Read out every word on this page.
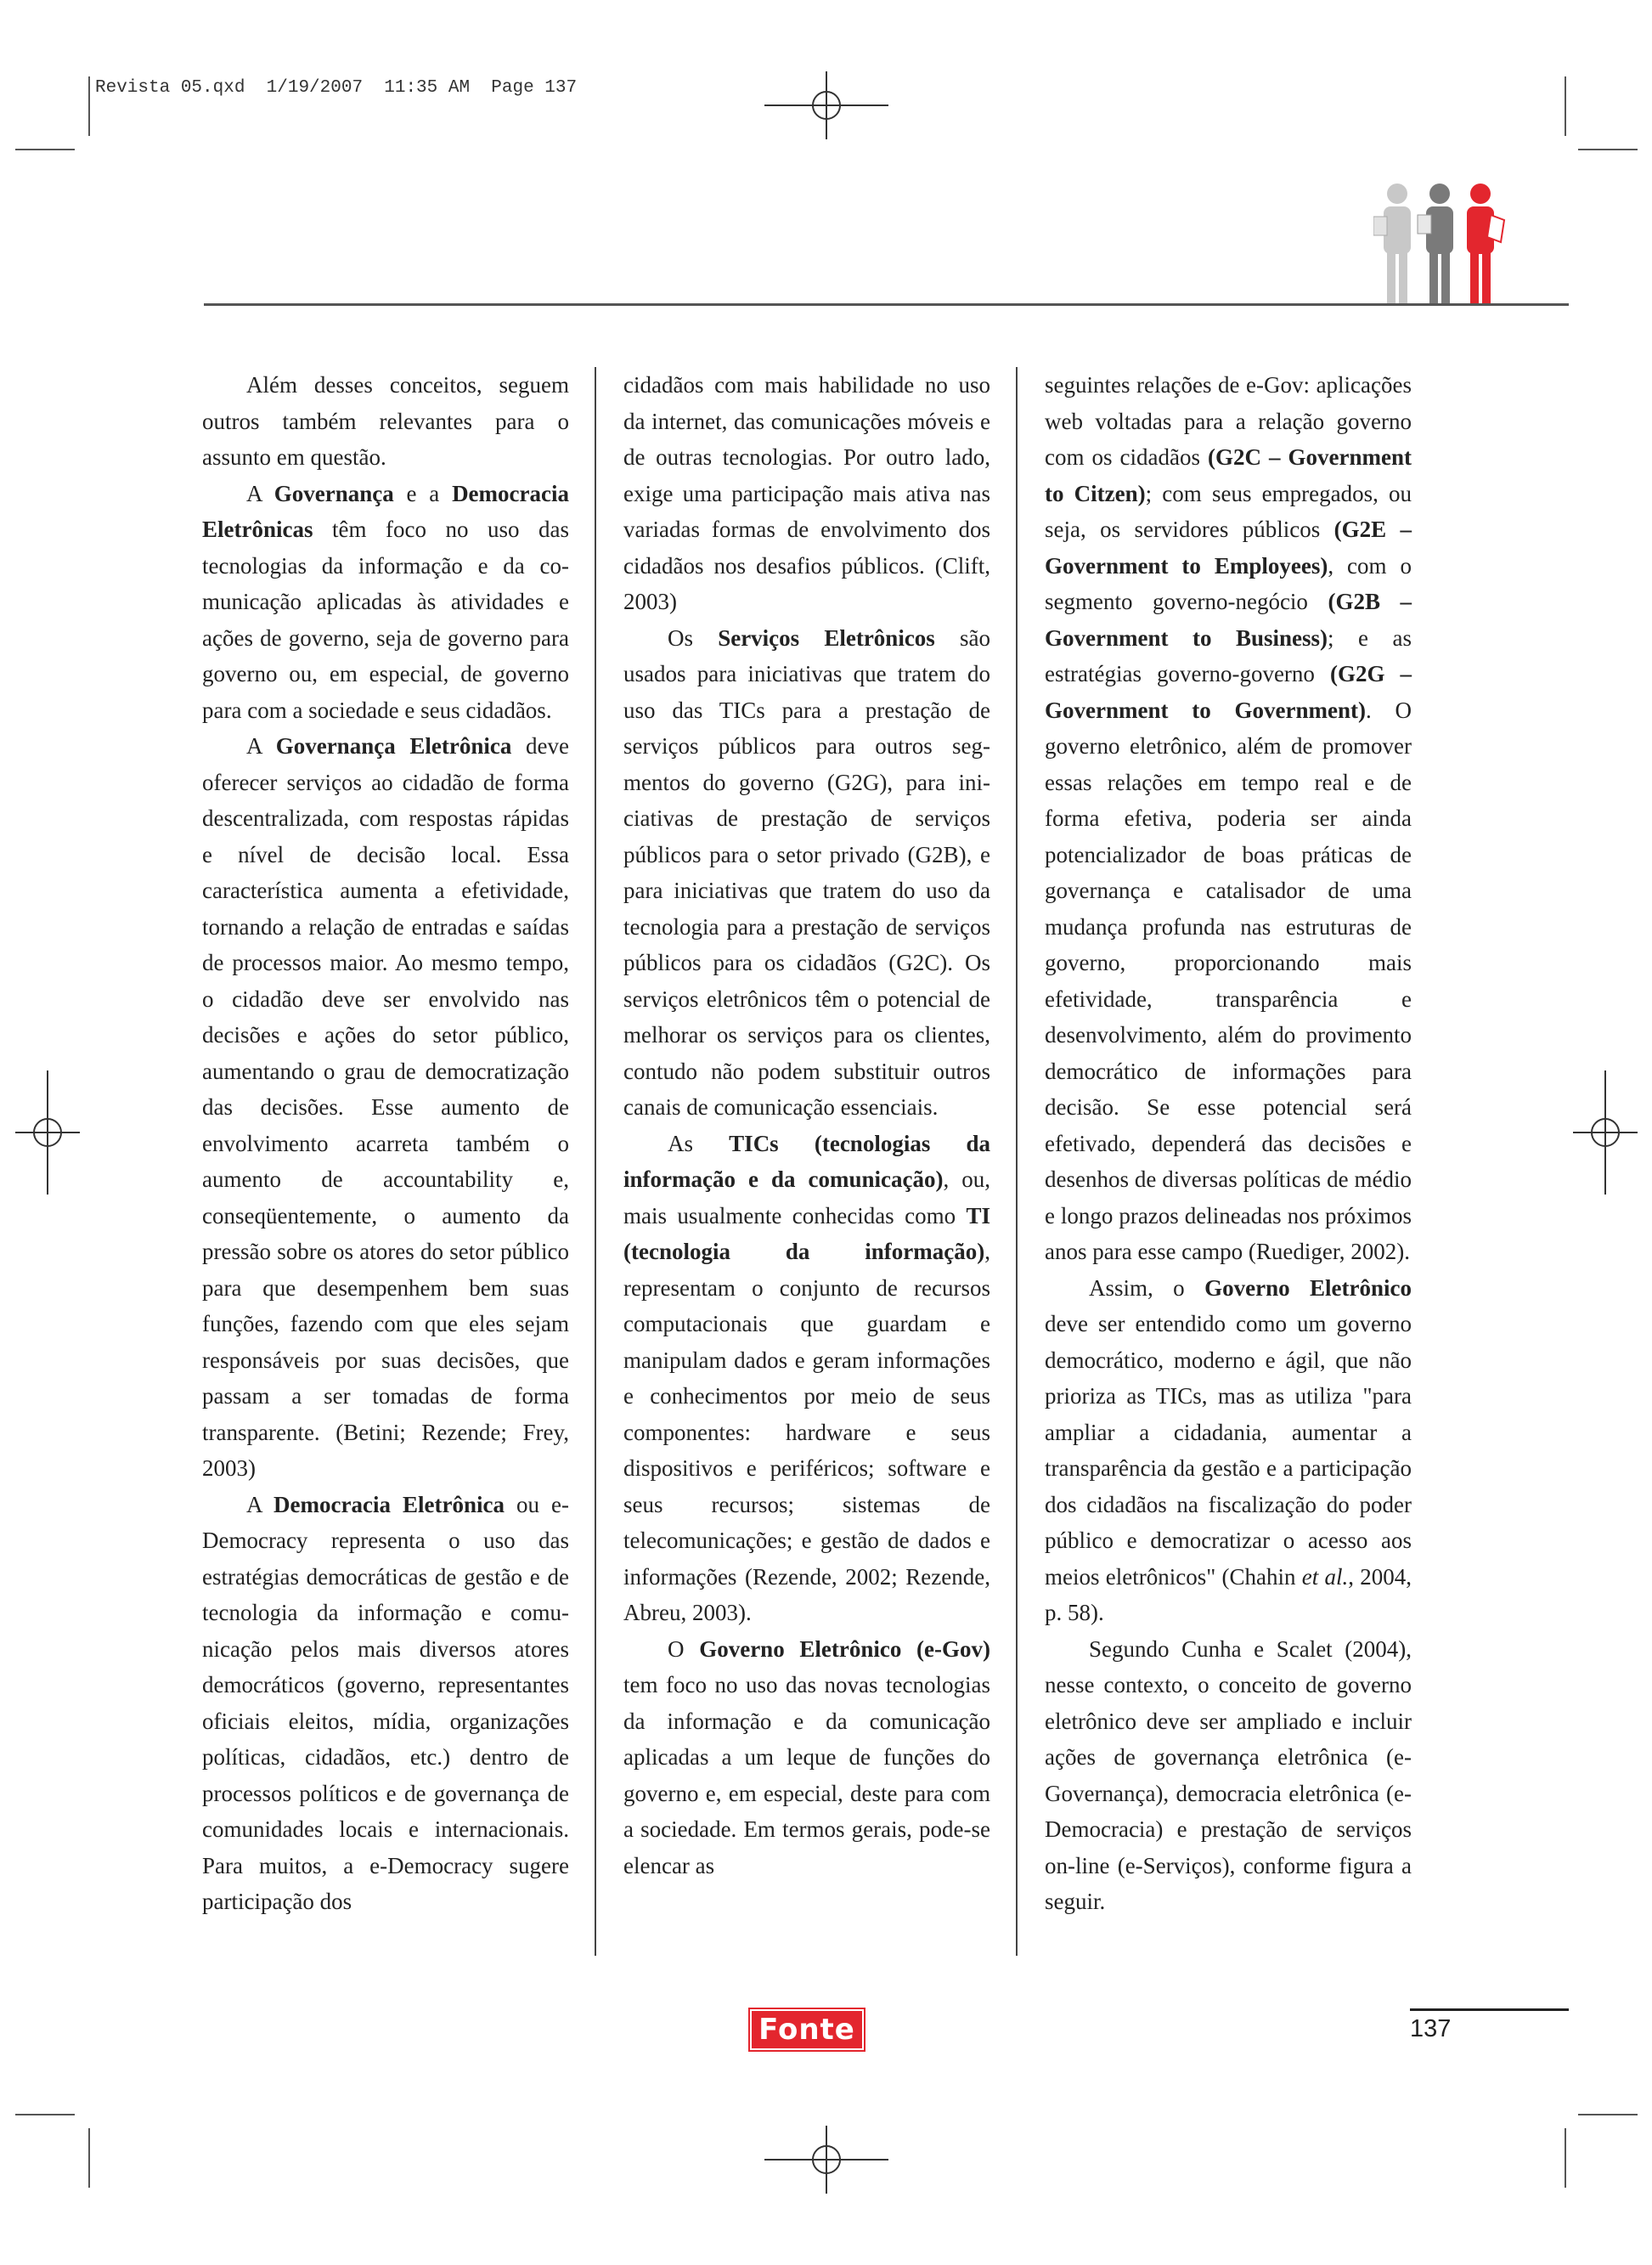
Revista 05.qxd  1/19/2007  11:35 AM  Page 137

Além desses conceitos, seguem outros também relevantes para o assunto em questão.

A Governança e a Democracia Eletrônicas têm foco no uso das tecnologias da informação e da comunicação aplicadas às atividades e ações de governo, seja de governo para governo ou, em especial, de governo para com a sociedade e seus cidadãos.

A Governança Eletrônica deve oferecer serviços ao cidadão de forma descentralizada, com respostas rápidas e nível de decisão local. Essa característica aumenta a efetividade, tornando a relação de entradas e saídas de processos maior. Ao mesmo tempo, o cidadão deve ser envolvido nas decisões e ações do setor público, aumentando o grau de democratização das decisões. Esse aumento de envolvimento acarreta também o aumento de accountability e, conseqüentemente, o aumento da pressão sobre os atores do setor público para que desempenhem bem suas funções, fazendo com que eles sejam responsáveis por suas decisões, que passam a ser tomadas de forma transparente. (Betini; Rezende; Frey, 2003)

A Democracia Eletrônica ou e-Democracy representa o uso das estratégias democráticas de gestão e de tecnologia da informação e comunicação pelos mais diversos atores democráticos (governo, representantes oficiais eleitos, mídia, organizações políticas, cidadãos, etc.) dentro de processos políticos e de governança de comunidades locais e internacionais. Para muitos, a e-Democracy sugere participação dos

cidadãos com mais habilidade no uso da internet, das comunicações móveis e de outras tecnologias. Por outro lado, exige uma participação mais ativa nas variadas formas de envolvimento dos cidadãos nos desafios públicos. (Clift, 2003)

Os Serviços Eletrônicos são usados para iniciativas que tratem do uso das TICs para a prestação de serviços públicos para outros segmentos do governo (G2G), para iniciativas de prestação de serviços públicos para o setor privado (G2B), e para iniciativas que tratem do uso da tecnologia para a prestação de serviços públicos para os cidadãos (G2C). Os serviços eletrônicos têm o potencial de melhorar os serviços para os clientes, contudo não podem substituir outros canais de comunicação essenciais.

As TICs (tecnologias da informação e da comunicação), ou, mais usualmente conhecidas como TI (tecnologia da informação), representam o conjunto de recursos computacionais que guardam e manipulam dados e geram informações e conhecimentos por meio de seus componentes: hardware e seus dispositivos e periféricos; software e seus recursos; sistemas de telecomunicações; e gestão de dados e informações (Rezende, 2002; Rezende, Abreu, 2003).

O Governo Eletrônico (e-Gov) tem foco no uso das novas tecnologias da informação e da comunicação aplicadas a um leque de funções do governo e, em especial, deste para com a sociedade. Em termos gerais, pode-se elencar as

seguintes relações de e-Gov: aplicações web voltadas para a relação governo com os cidadãos (G2C – Government to Citzen); com seus empregados, ou seja, os servidores públicos (G2E – Government to Employees), com o segmento governo-negócio (G2B – Government to Business); e as estratégias governo-governo (G2G – Government to Government). O governo eletrônico, além de promover essas relações em tempo real e de forma efetiva, poderia ser ainda potencializador de boas práticas de governança e catalisador de uma mudança profunda nas estruturas de governo, proporcionando mais efetividade, transparência e desenvolvimento, além do provimento democrático de informações para decisão. Se esse potencial será efetivado, dependerá das decisões e desenhos de diversas políticas de médio e longo prazos delineadas nos próximos anos para esse campo (Ruediger, 2002).

Assim, o Governo Eletrônico deve ser entendido como um governo democrático, moderno e ágil, que não prioriza as TICs, mas as utiliza "para ampliar a cidadania, aumentar a transparência da gestão e a participação dos cidadãos na fiscalização do poder público e democratizar o acesso aos meios eletrônicos" (Chahin et al., 2004, p. 58).

Segundo Cunha e Scalet (2004), nesse contexto, o conceito de governo eletrônico deve ser ampliado e incluir ações de governança eletrônica (e-Governança), democracia eletrônica (e-Democracia) e prestação de serviços on-line (e-Serviços), conforme figura a seguir.

Fonte	137
